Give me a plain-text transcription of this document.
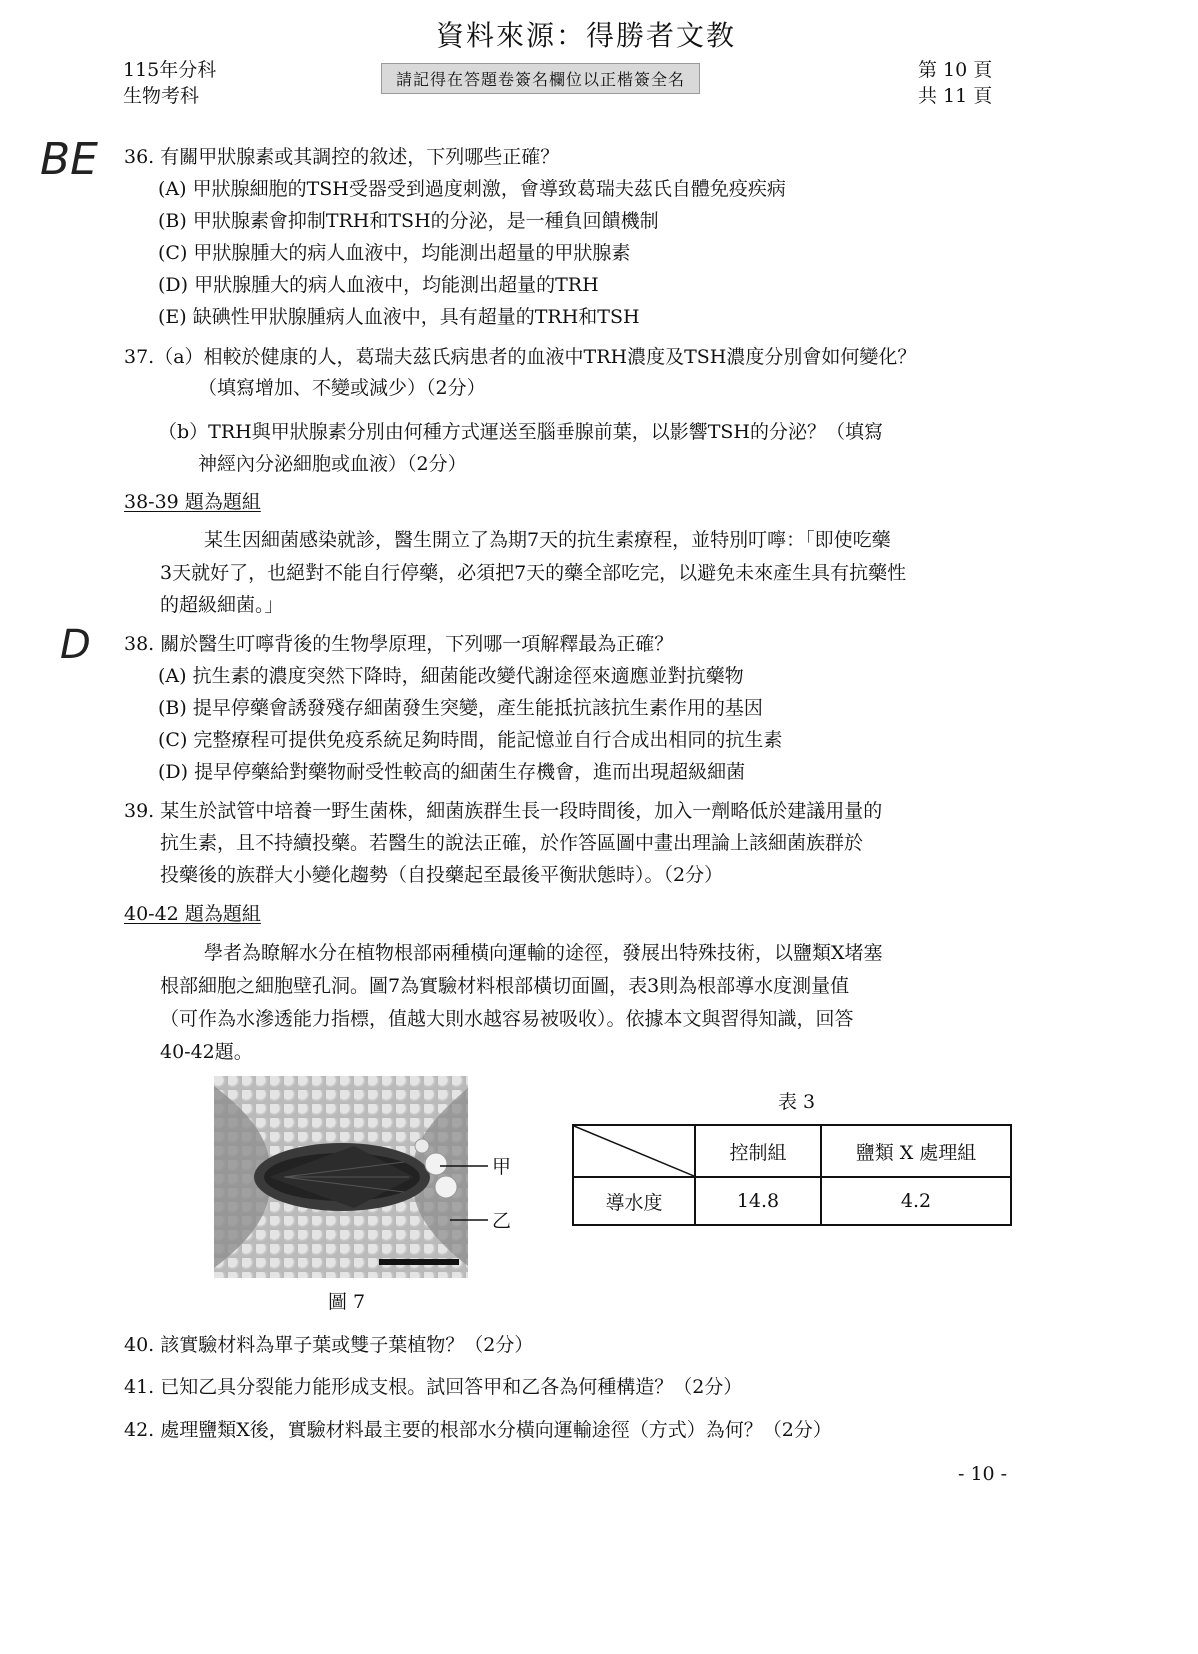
資料來源：得勝者文教
請記得在答題卷簽名欄位以正楷簽全名
115年分科
生物考科
第 10 頁
共 11 頁
BE
D
36. 有關甲狀腺素或其調控的敘述，下列哪些正確？
(A) 甲狀腺細胞的TSH受器受到過度刺激，會導致葛瑞夫茲氏自體免疫疾病
(B) 甲狀腺素會抑制TRH和TSH的分泌，是一種負回饋機制
(C) 甲狀腺腫大的病人血液中，均能測出超量的甲狀腺素
(D) 甲狀腺腫大的病人血液中，均能測出超量的TRH
(E) 缺碘性甲狀腺腫病人血液中，具有超量的TRH和TSH
37.（a）相較於健康的人，葛瑞夫茲氏病患者的血液中TRH濃度及TSH濃度分別會如何變化？
（填寫增加、不變或減少）（2分）
（b）TRH與甲狀腺素分別由何種方式運送至腦垂腺前葉，以影響TSH的分泌？（填寫
神經內分泌細胞或血液）（2分）
38-39 題為題組
某生因細菌感染就診，醫生開立了為期7天的抗生素療程，並特別叮嚀：「即使吃藥
3天就好了，也絕對不能自行停藥，必須把7天的藥全部吃完，以避免未來產生具有抗藥性
的超級細菌。」
38. 關於醫生叮嚀背後的生物學原理，下列哪一項解釋最為正確？
(A) 抗生素的濃度突然下降時，細菌能改變代謝途徑來適應並對抗藥物
(B) 提早停藥會誘發殘存細菌發生突變，產生能抵抗該抗生素作用的基因
(C) 完整療程可提供免疫系統足夠時間，能記憶並自行合成出相同的抗生素
(D) 提早停藥給對藥物耐受性較高的細菌生存機會，進而出現超級細菌
39. 某生於試管中培養一野生菌株，細菌族群生長一段時間後，加入一劑略低於建議用量的
抗生素，且不持續投藥。若醫生的說法正確，於作答區圖中畫出理論上該細菌族群於
投藥後的族群大小變化趨勢（自投藥起至最後平衡狀態時）。（2分）
40-42 題為題組
學者為瞭解水分在植物根部兩種橫向運輸的途徑，發展出特殊技術，以鹽類X堵塞
根部細胞之細胞壁孔洞。圖7為實驗材料根部橫切面圖，表3則為根部導水度測量值
（可作為水滲透能力指標，值越大則水越容易被吸收）。依據本文與習得知識，回答
40-42題。
甲
乙
圖 7
表 3
	控制組	鹽類 X 處理組
導水度	14.8	4.2
40. 該實驗材料為單子葉或雙子葉植物？（2分）
41. 已知乙具分裂能力能形成支根。試回答甲和乙各為何種構造？（2分）
42. 處理鹽類X後，實驗材料最主要的根部水分橫向運輸途徑（方式）為何？（2分）
- 10 -
